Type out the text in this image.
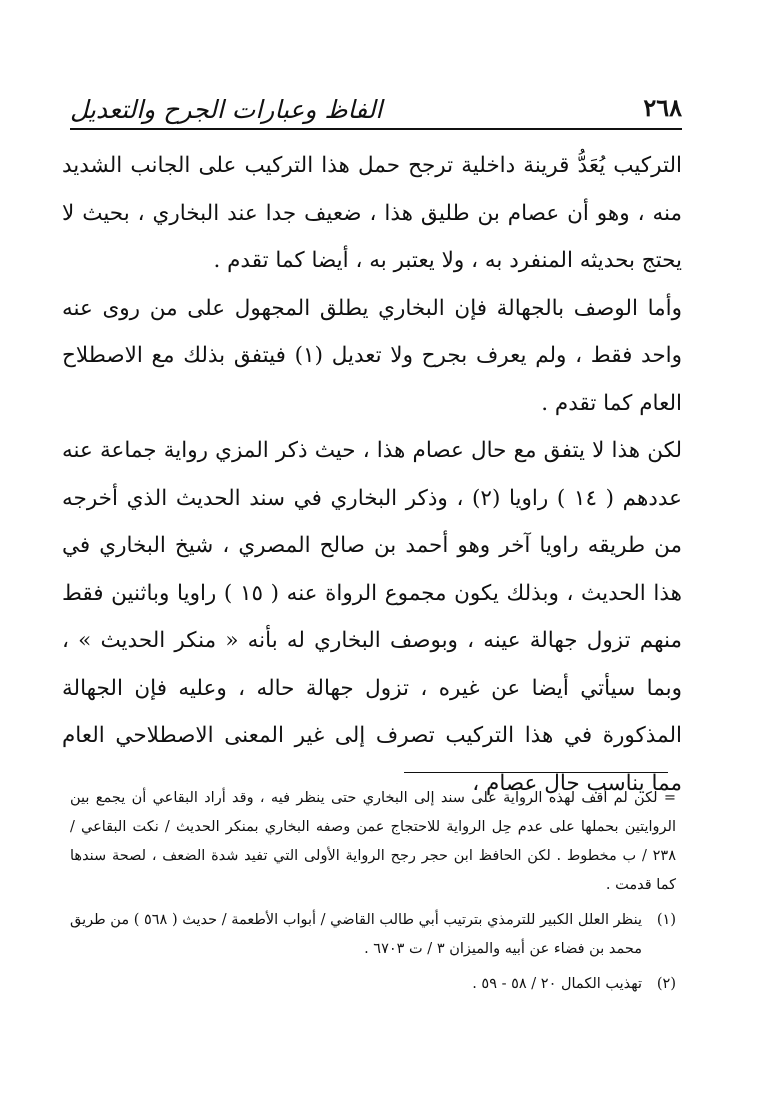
٢٦٨
الفاظ وعبارات الجرح والتعديل

التركيب يُعَدُّ قرينة داخلية ترجح حمل هذا التركيب على الجانب الشديد منه ، وهو أن عصام بن طليق هذا ، ضعيف جدا عند البخاري ، بحيث لا يحتج بحديثه المنفرد به ، ولا يعتبر به ، أيضا كما تقدم .

وأما الوصف بالجهالة فإن البخاري يطلق المجهول على من روى عنه واحد فقط ، ولم يعرف بجرح ولا تعديل (١) فيتفق بذلك مع الاصطلاح العام كما تقدم .

لكن هذا لا يتفق مع حال عصام هذا ، حيث ذكر المزي رواية جماعة عنه عددهم ( ١٤ ) راويا (٢) ، وذكر البخاري في سند الحديث الذي أخرجه من طريقه راويا آخر وهو أحمد بن صالح المصري ، شيخ البخاري في هذا الحديث ، وبذلك يكون مجموع الرواة عنه ( ١٥ ) راويا وباثنين فقط منهم تزول جهالة عينه ، وبوصف البخاري له بأنه « منكر الحديث » ، وبما سيأتي أيضا عن غيره ، تزول جهالة حاله ، وعليه فإن الجهالة المذكورة في هذا التركيب تصرف إلى غير المعنى الاصطلاحي العام مما يناسب حال عصام ،

= لكن لم أقف لهذه الرواية على سند إلى البخاري حتى ينظر فيه ، وقد أراد البقاعي أن يجمع بين الروايتين بحملها على عدم حِل الرواية للاحتجاج عمن وصفه البخاري بمنكر الحديث / نكت البقاعي / ٢٣٨ / ب مخطوط . لكن الحافظ ابن حجر رجح الرواية الأولى التي تفيد شدة الضعف ، لصحة سندها كما قدمت .
(١)
ينظر العلل الكبير للترمذي بترتيب أبي طالب القاضي / أبواب الأطعمة / حديث ( ٥٦٨ ) من طريق محمد بن فضاء عن أبيه والميزان ٣ / ت ٦٧٠٣ .
(٢)
تهذيب الكمال ٢٠ / ٥٨ - ٥٩ .
